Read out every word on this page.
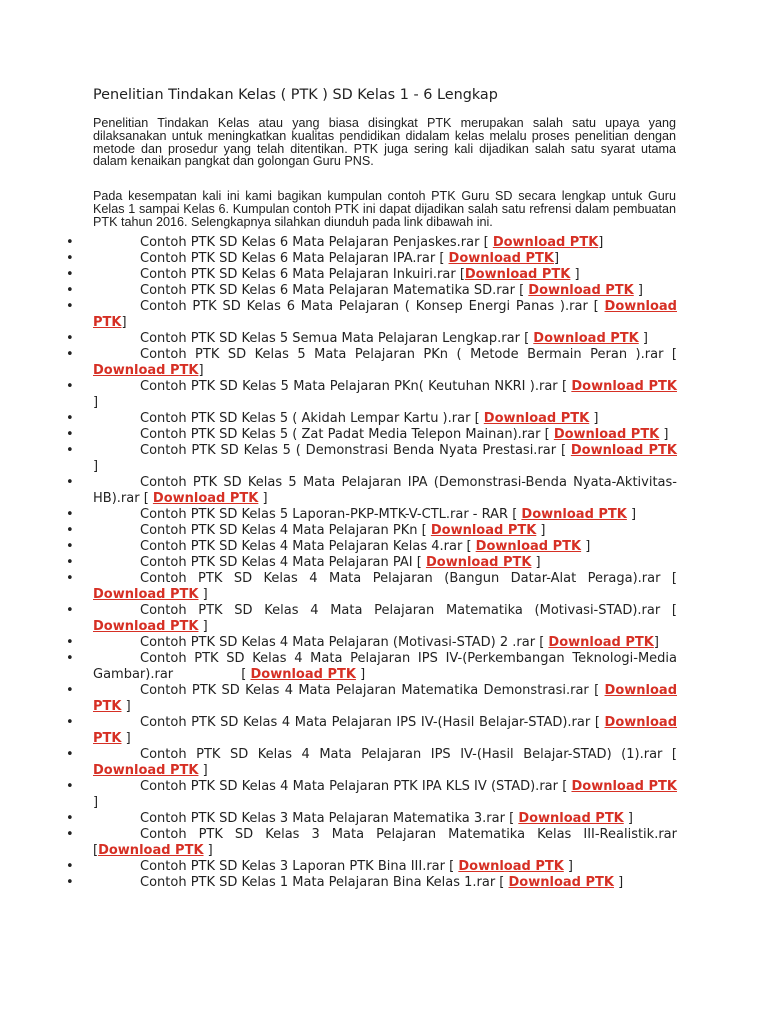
Penelitian Tindakan Kelas ( PTK ) SD Kelas 1 - 6 Lengkap
Penelitian Tindakan Kelas atau yang biasa disingkat PTK merupakan salah satu upaya yang dilaksanakan untuk meningkatkan kualitas pendidikan didalam kelas melalu proses penelitian dengan metode dan prosedur yang telah ditentikan. PTK juga sering kali dijadikan salah satu syarat utama dalam kenaikan pangkat dan golongan Guru PNS.
Pada kesempatan kali ini kami bagikan kumpulan contoh PTK Guru SD secara lengkap untuk Guru Kelas 1 sampai Kelas 6. Kumpulan contoh PTK ini dapat dijadikan salah satu refrensi dalam pembuatan PTK tahun 2016. Selengkapnya silahkan diunduh pada link dibawah ini.
•	Contoh PTK SD Kelas 6 Mata Pelajaran Penjaskes.rar [ Download PTK]
•	Contoh PTK SD Kelas 6 Mata Pelajaran IPA.rar [ Download PTK]
•	Contoh PTK SD Kelas 6 Mata Pelajaran Inkuiri.rar [Download PTK ]
•	Contoh PTK SD Kelas 6 Mata Pelajaran Matematika SD.rar [ Download PTK ]
•	Contoh PTK SD Kelas 6 Mata Pelajaran ( Konsep Energi Panas ).rar [ Download PTK]
•	Contoh PTK SD Kelas 5 Semua Mata Pelajaran Lengkap.rar [ Download PTK ]
•	Contoh PTK SD Kelas 5 Mata Pelajaran PKn ( Metode Bermain Peran ).rar [ Download PTK]
•	Contoh PTK SD Kelas 5 Mata Pelajaran PKn( Keutuhan NKRI ).rar [ Download PTK ]
•	Contoh PTK SD Kelas 5 ( Akidah Lempar Kartu ).rar [ Download PTK ]
•	Contoh PTK SD Kelas 5 ( Zat Padat Media Telepon Mainan).rar [ Download PTK ]
•	Contoh PTK SD Kelas 5 ( Demonstrasi Benda Nyata Prestasi.rar [ Download PTK ]
•	Contoh PTK SD Kelas 5 Mata Pelajaran IPA (Demonstrasi-Benda Nyata-Aktivitas-HB).rar [ Download PTK ]
•	Contoh PTK SD Kelas 5 Laporan-PKP-MTK-V-CTL.rar - RAR [ Download PTK ]
•	Contoh PTK SD Kelas 4 Mata Pelajaran PKn [ Download PTK ]
•	Contoh PTK SD Kelas 4 Mata Pelajaran Kelas 4.rar [ Download PTK ]
•	Contoh PTK SD Kelas 4 Mata Pelajaran PAI [ Download PTK ]
•	Contoh PTK SD Kelas 4 Mata Pelajaran (Bangun Datar-Alat Peraga).rar [ Download PTK ]
•	Contoh PTK SD Kelas 4 Mata Pelajaran Matematika (Motivasi-STAD).rar [ Download PTK ]
•	Contoh PTK SD Kelas 4 Mata Pelajaran (Motivasi-STAD) 2 .rar [ Download PTK]
•	Contoh PTK SD Kelas 4 Mata Pelajaran IPS IV-(Perkembangan Teknologi-Media Gambar).rar	[ Download PTK ]
•	Contoh PTK SD Kelas 4 Mata Pelajaran Matematika Demonstrasi.rar [ Download PTK ]
•	Contoh PTK SD Kelas 4 Mata Pelajaran IPS IV-(Hasil Belajar-STAD).rar [ Download PTK ]
•	Contoh PTK SD Kelas 4 Mata Pelajaran IPS IV-(Hasil Belajar-STAD) (1).rar [ Download PTK ]
•	Contoh PTK SD Kelas 4 Mata Pelajaran PTK IPA KLS IV (STAD).rar [ Download PTK ]
•	Contoh PTK SD Kelas 3 Mata Pelajaran Matematika 3.rar [ Download PTK ]
•	Contoh PTK SD Kelas 3 Mata Pelajaran Matematika Kelas III-Realistik.rar [Download PTK ]
•	Contoh PTK SD Kelas 3 Laporan PTK Bina III.rar [ Download PTK ]
•	Contoh PTK SD Kelas 1 Mata Pelajaran Bina Kelas 1.rar [ Download PTK ]
